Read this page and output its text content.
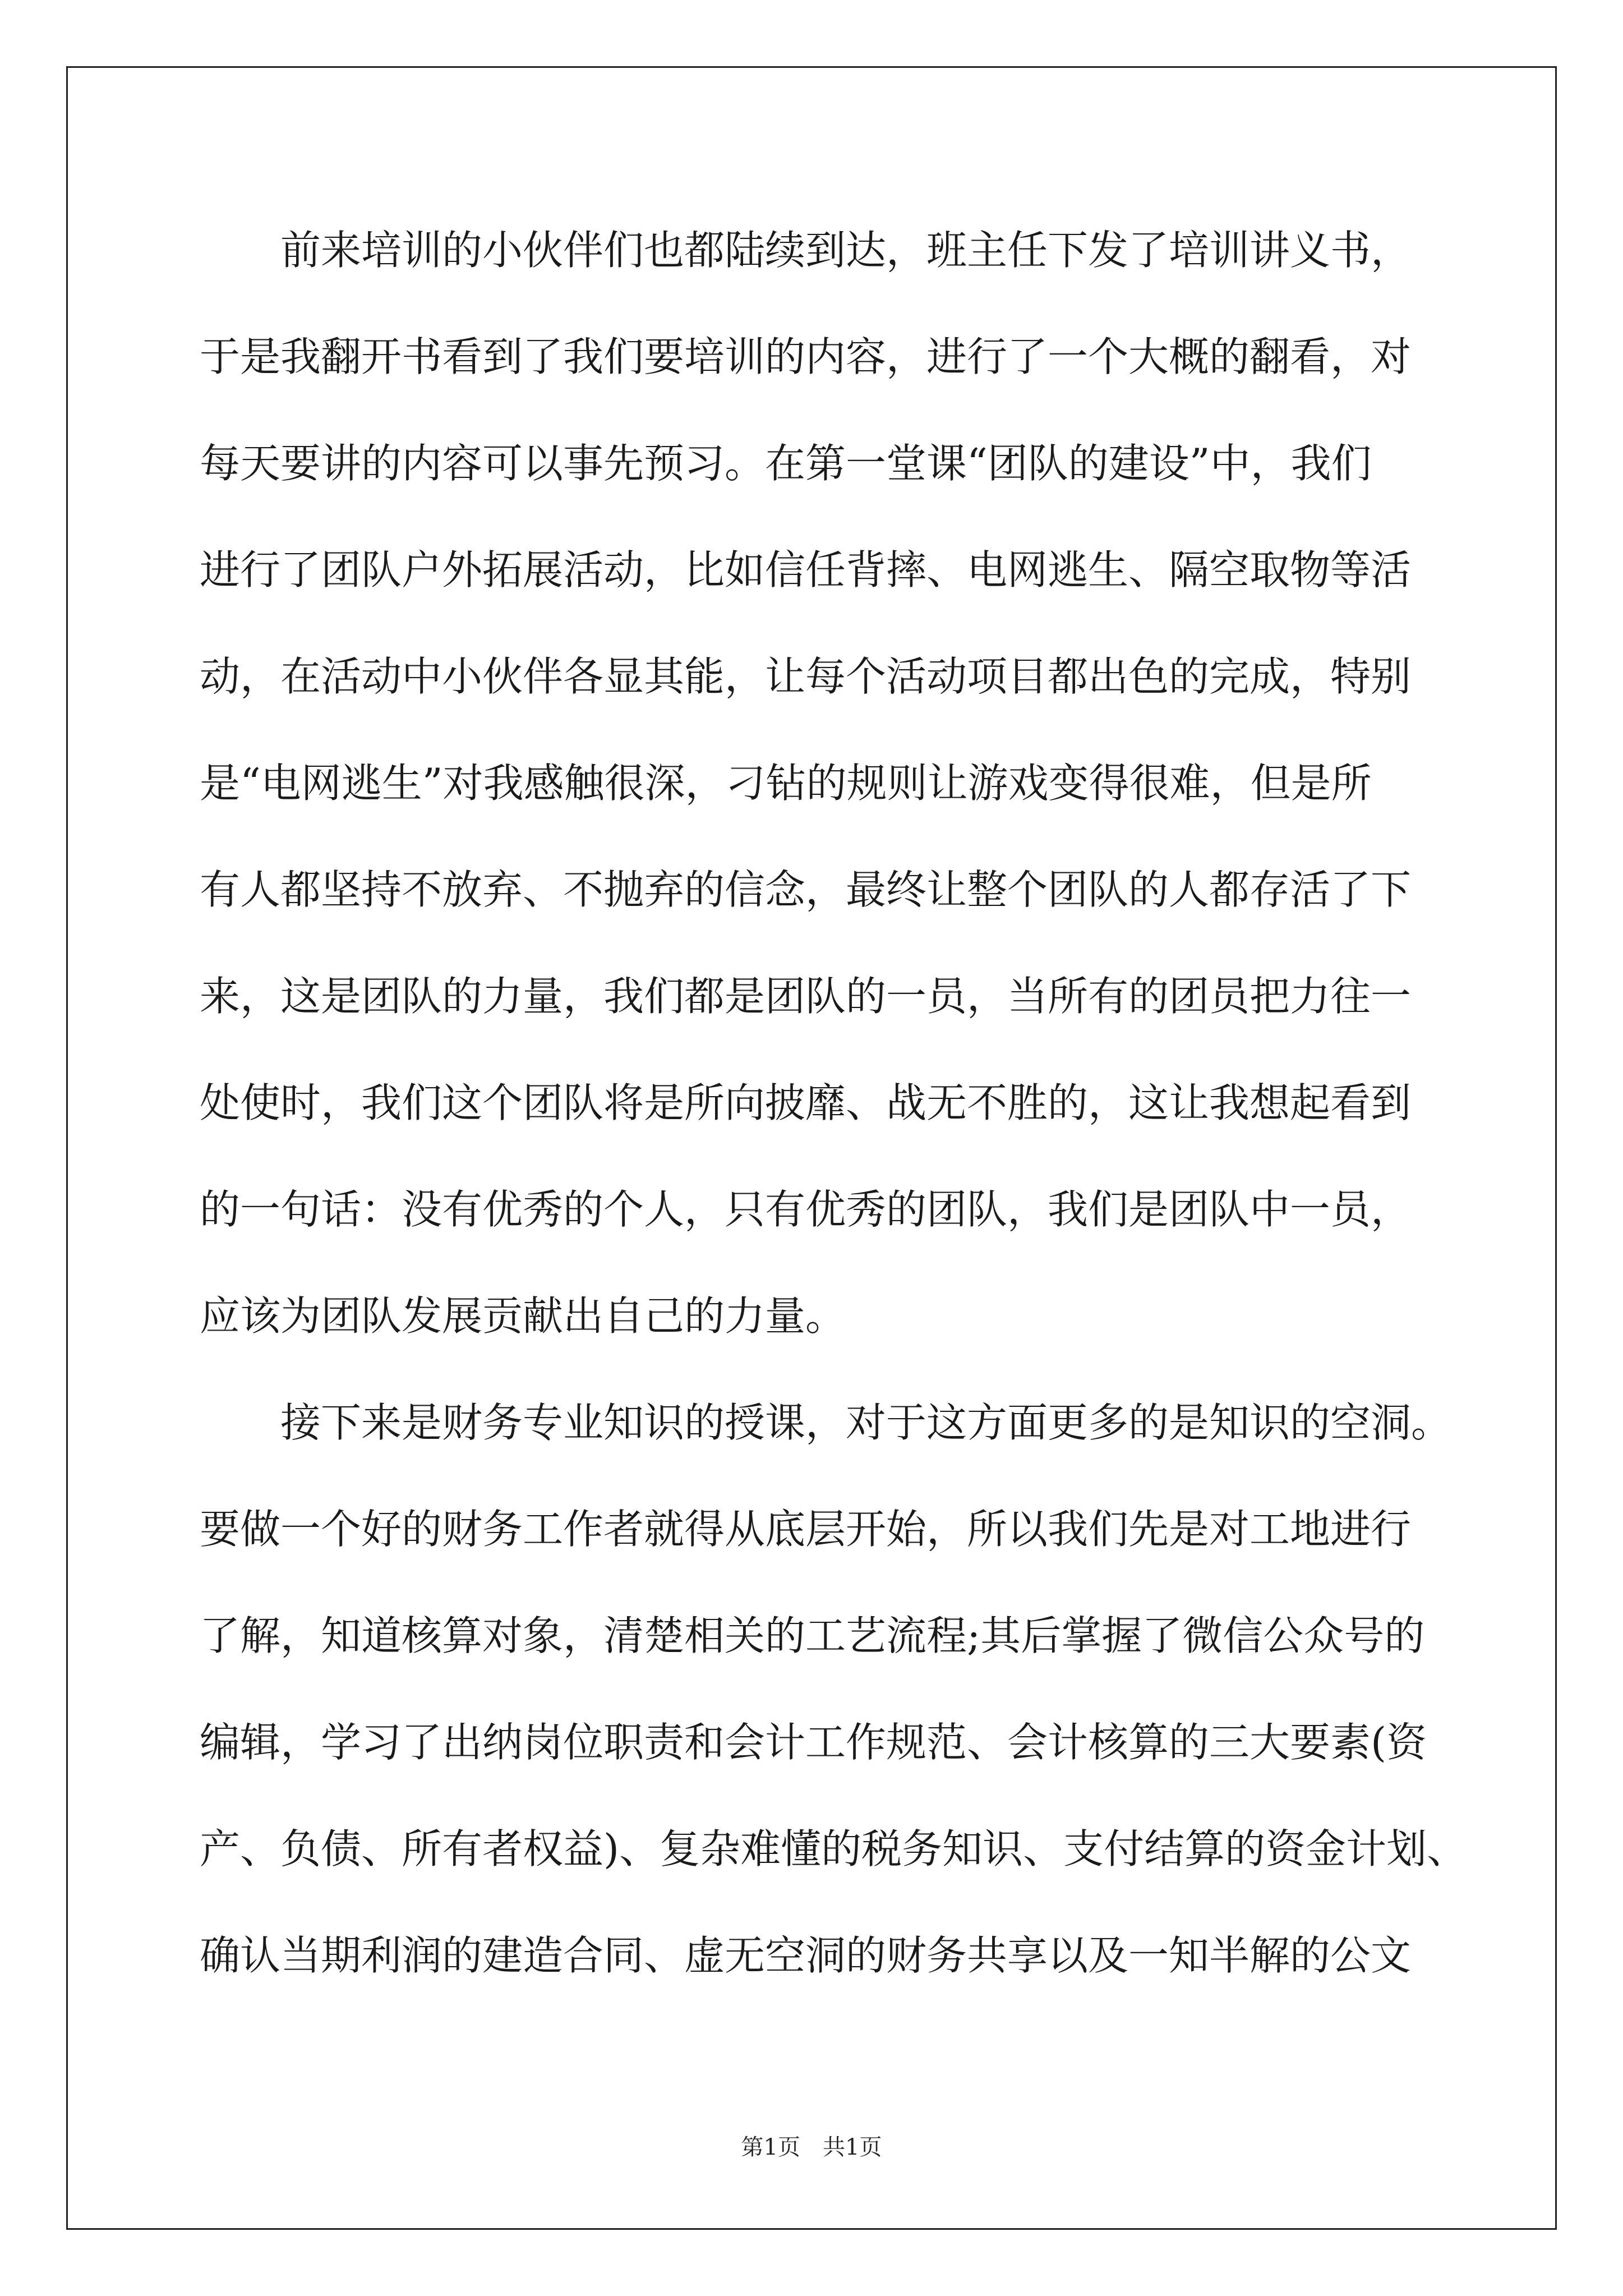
　　前来培训的小伙伴们也都陆续到达，班主任下发了培训讲义书，
于是我翻开书看到了我们要培训的内容，进行了一个大概的翻看，对
每天要讲的内容可以事先预习。在第一堂课“团队的建设”中，我们
进行了团队户外拓展活动，比如信任背摔、电网逃生、隔空取物等活
动，在活动中小伙伴各显其能，让每个活动项目都出色的完成，特别
是“电网逃生”对我感触很深，刁钻的规则让游戏变得很难，但是所
有人都坚持不放弃、不抛弃的信念，最终让整个团队的人都存活了下
来，这是团队的力量，我们都是团队的一员，当所有的团员把力往一
处使时，我们这个团队将是所向披靡、战无不胜的，这让我想起看到
的一句话：没有优秀的个人，只有优秀的团队，我们是团队中一员，
应该为团队发展贡献出自己的力量。
　　接下来是财务专业知识的授课，对于这方面更多的是知识的空洞。
要做一个好的财务工作者就得从底层开始，所以我们先是对工地进行
了解，知道核算对象，清楚相关的工艺流程;其后掌握了微信公众号的
编辑，学习了出纳岗位职责和会计工作规范、会计核算的三大要素(资
产、负债、所有者权益)、复杂难懂的税务知识、支付结算的资金计划、
确认当期利润的建造合同、虚无空洞的财务共享以及一知半解的公文
第1页　共1页
